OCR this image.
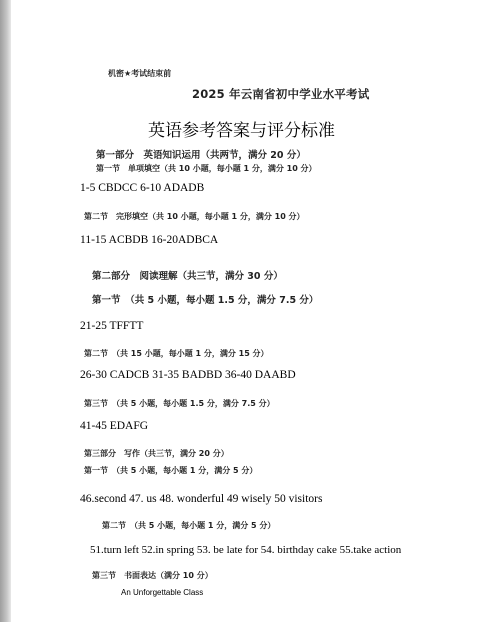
机密★考试结束前
2025 年云南省初中学业水平考试
英语参考答案与评分标准
第一部分　英语知识运用（共两节，满分 20 分）
第一节　单项填空（共 10 小题，每小题 1 分，满分 10 分）
1-5 CBDCC 6-10 ADADB
第二节　完形填空（共 10 小题，每小题 1 分，满分 10 分）
11-15 ACBDB 16-20ADBCA
第二部分　阅读理解（共三节，满分 30 分）
第一节　（共 5 小题，每小题 1.5 分，满分 7.5 分）
21-25 TFFTT
第二节　（共 15 小题，每小题 1 分，满分 15 分）
26-30 CADCB 31-35 BADBD 36-40 DAABD
第三节　（共 5 小题，每小题 1.5 分，满分 7.5 分）
41-45 EDAFG
第三部分　写作（共三节，满分 20 分）
第一节　（共 5 小题，每小题 1 分，满分 5 分）
46.second 47. us 48. wonderful 49 wisely 50 visitors
第二节　（共 5 小题，每小题 1 分，满分 5 分）
51.turn left 52.in spring 53. be late for 54. birthday cake 55.take action
第三节　书面表达（满分 10 分）
An Unforgettable Class
